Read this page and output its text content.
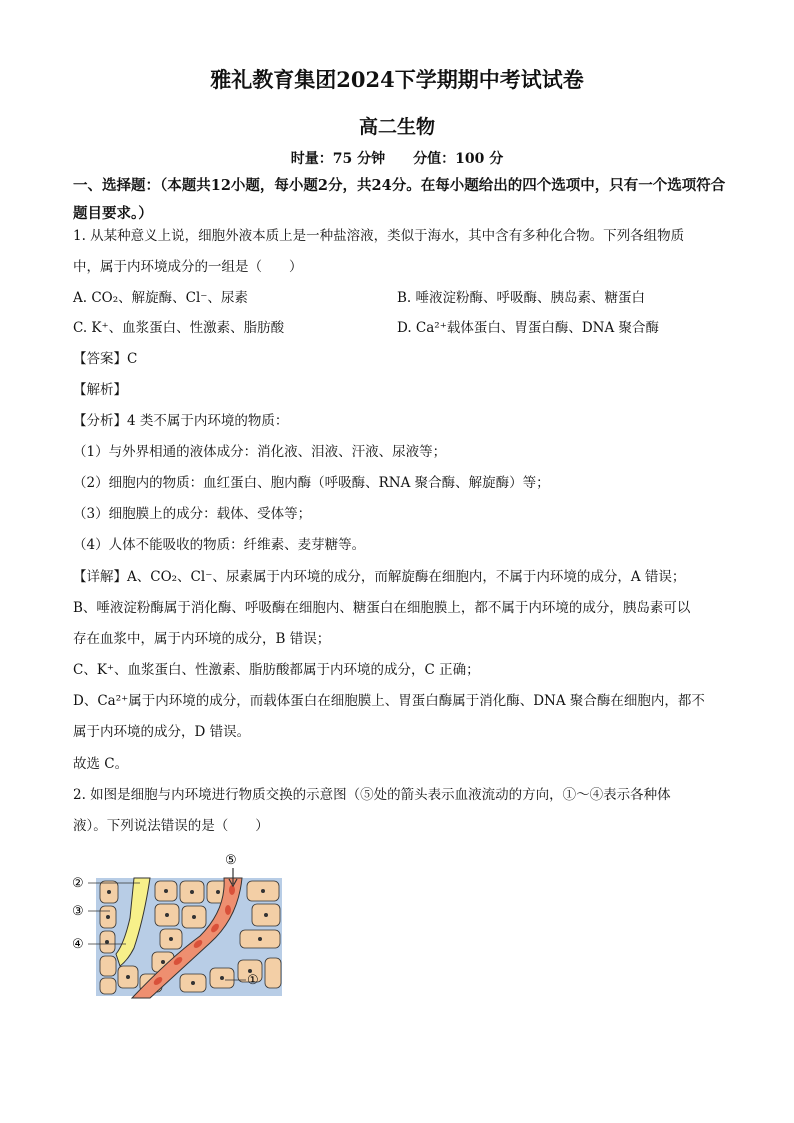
雅礼教育集团2024下学期期中考试试卷
高二生物
时量：75 分钟　　分值：100 分
一、选择题：（本题共12小题，每小题2分，共24分。在每小题给出的四个选项中，只有一个选项符合题目要求。）
1. 从某种意义上说，细胞外液本质上是一种盐溶液，类似于海水，其中含有多种化合物。下列各组物质
中，属于内环境成分的一组是（　　）
A. CO₂、解旋酶、Cl⁻、尿素	B. 唾液淀粉酶、呼吸酶、胰岛素、糖蛋白
C. K⁺、血浆蛋白、性激素、脂肪酸	D. Ca²⁺载体蛋白、胃蛋白酶、DNA 聚合酶
【答案】C
【解析】
【分析】4 类不属于内环境的物质：
（1）与外界相通的液体成分：消化液、泪液、汗液、尿液等；
（2）细胞内的物质：血红蛋白、胞内酶（呼吸酶、RNA 聚合酶、解旋酶）等；
（3）细胞膜上的成分：载体、受体等；
（4）人体不能吸收的物质：纤维素、麦芽糖等。
【详解】A、CO₂、Cl⁻、尿素属于内环境的成分，而解旋酶在细胞内，不属于内环境的成分，A 错误；
B、唾液淀粉酶属于消化酶、呼吸酶在细胞内、糖蛋白在细胞膜上，都不属于内环境的成分，胰岛素可以
存在血浆中，属于内环境的成分，B 错误；
C、K⁺、血浆蛋白、性激素、脂肪酸都属于内环境的成分，C 正确；
D、Ca²⁺属于内环境的成分，而载体蛋白在细胞膜上、胃蛋白酶属于消化酶、DNA 聚合酶在细胞内，都不
属于内环境的成分，D 错误。
故选 C。
2. 如图是细胞与内环境进行物质交换的示意图（⑤处的箭头表示血液流动的方向，①～④表示各种体
液）。下列说法错误的是（　　）
②
③
④
⑤
①
